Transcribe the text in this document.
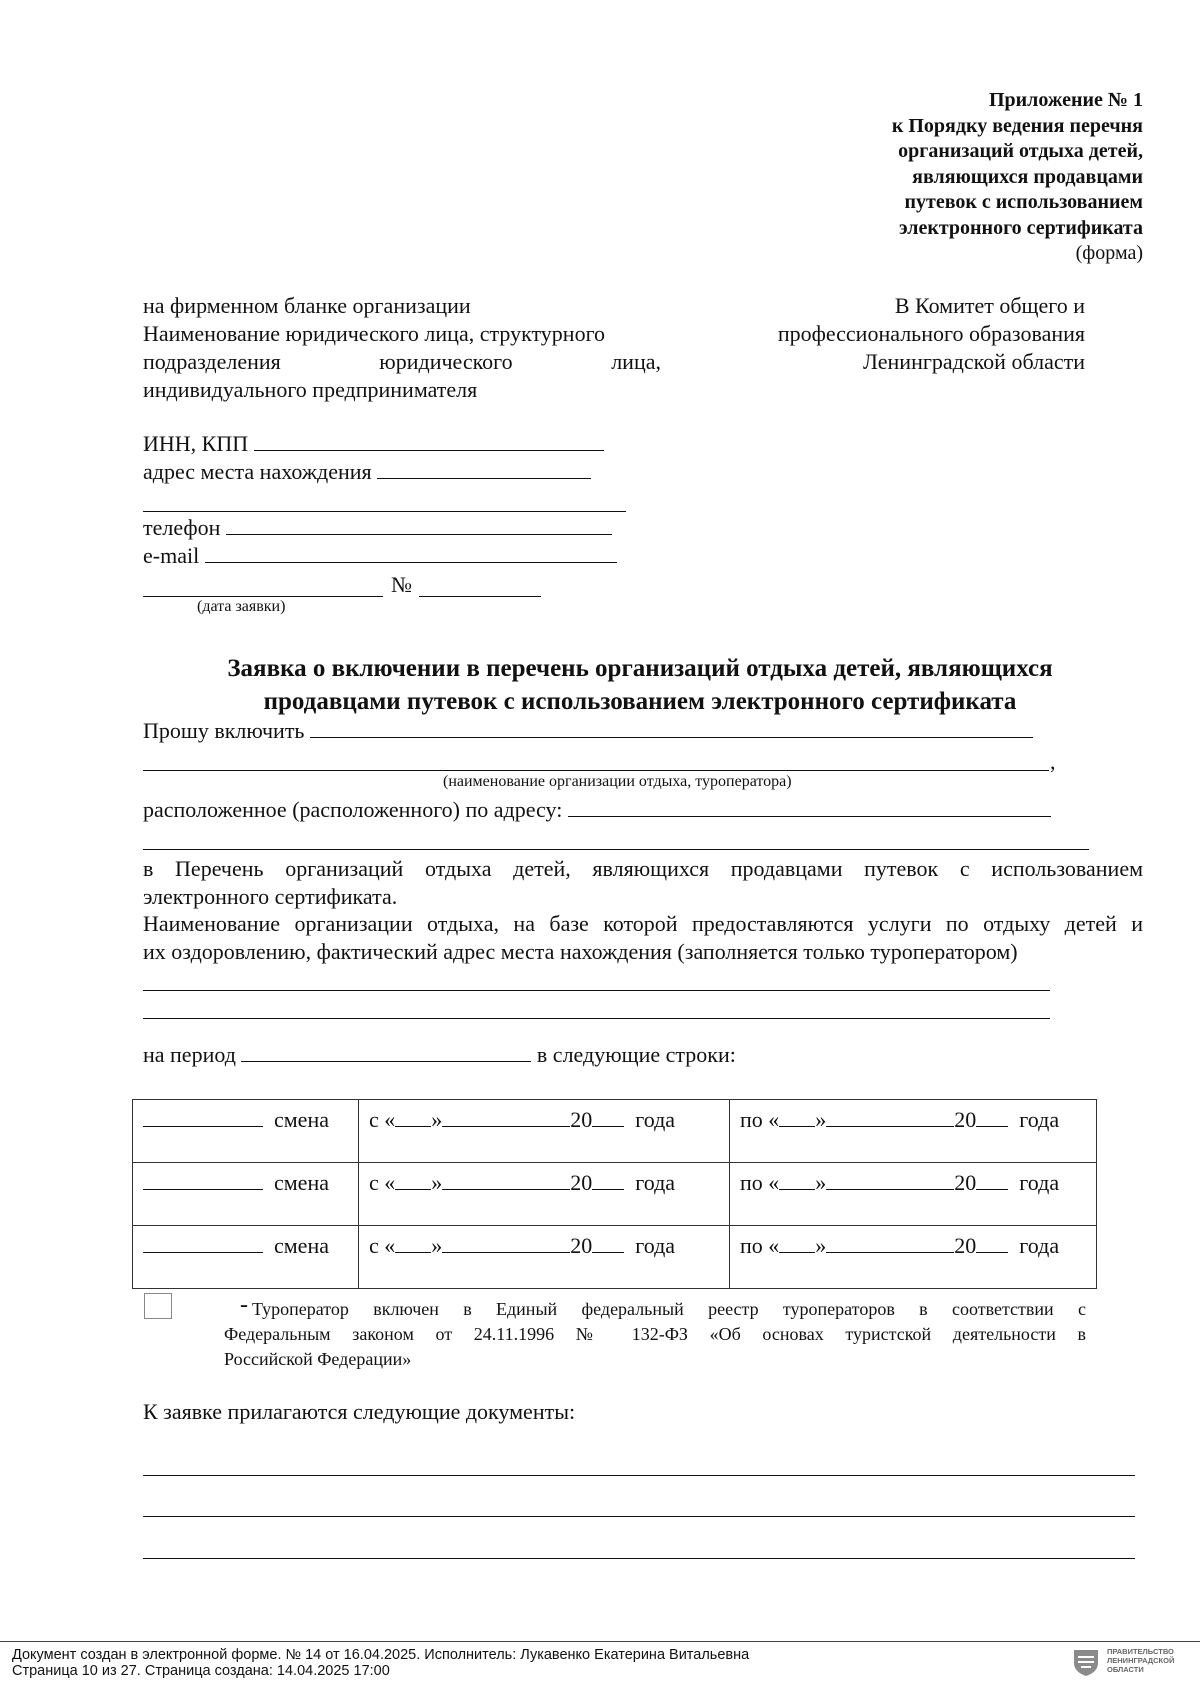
Приложение № 1
к Порядку ведения перечня
организаций отдыха детей,
являющихся продавцами
путевок с использованием
электронного сертификата
(форма)
на фирменном бланке организации
Наименование юридического лица, структурного
подразделения юридического лица,
индивидуального предпринимателя
В Комитет общего и
профессионального образования
Ленинградской области
ИНН, КПП
адрес места нахождения
телефон
e-mail
№
(дата заявки)
Заявка о включении в перечень организаций отдыха детей, являющихся
продавцами путевок с использованием электронного сертификата
Прошу включить
,
(наименование организации отдыха, туроператора)
расположенное (расположенного) по адресу:
в Перечень организаций отдыха детей, являющихся продавцами путевок с использованием
электронного сертификата.
Наименование организации отдыха, на базе которой предоставляются услуги по отдыху детей и
их оздоровлению, фактический адрес места нахождения (заполняется только туроператором)
на период	в следующие строки:
смена	с « » 20 года	по « » 20 года
смена	с « » 20 года	по « » 20 года
смена	с « » 20 года	по « » 20 года
- Туроператор включен в Единый федеральный реестр туроператоров в соответствии с
Федеральным законом от 24.11.1996 № 132-ФЗ «Об основах туристской деятельности в
Российской Федерации»
К заявке прилагаются следующие документы:
Документ создан в электронной форме. № 14 от 16.04.2025. Исполнитель: Лукавенко Екатерина Витальевна
Страница 10 из 27. Страница создана: 14.04.2025 17:00
ПРАВИТЕЛЬСТВО
ЛЕНИНГРАДСКОЙ
ОБЛАСТИ
